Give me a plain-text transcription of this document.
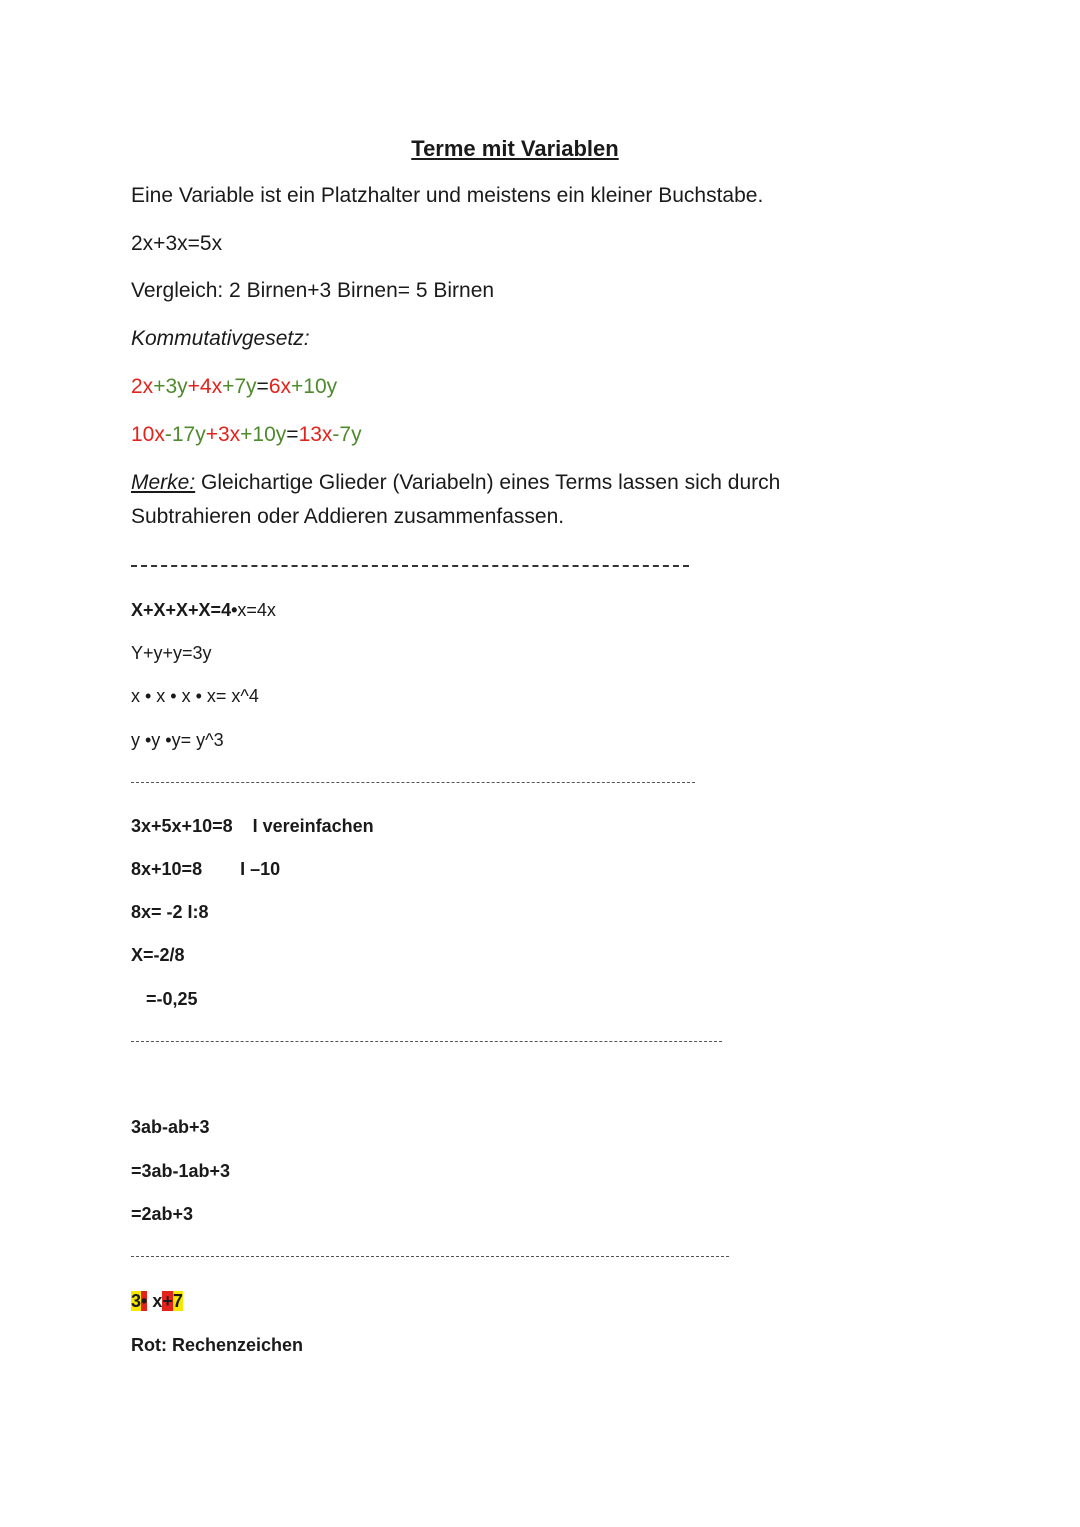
Terme mit Variablen
Eine Variable ist ein Platzhalter und meistens ein kleiner Buchstabe.
2x+3x=5x
Vergleich: 2 Birnen+3 Birnen= 5 Birnen
Kommutativgesetz:
2x+3y+4x+7y=6x+10y
10x-17y+3x+10y=13x-7y
Merke: Gleichartige Glieder (Variabeln) eines Terms lassen sich durch
Subtrahieren oder Addieren zusammenfassen.
X+X+X+X=4•x=4x
Y+y+y=3y
x • x • x • x= x^4
y •y •y= y^3
3x+5x+10=8 I vereinfachen
8x+10=8 I –10
8x= -2 I:8
X=-2/8
=-0,25
3ab-ab+3
=3ab-1ab+3
=2ab+3
3• x+7
Rot: Rechenzeichen
